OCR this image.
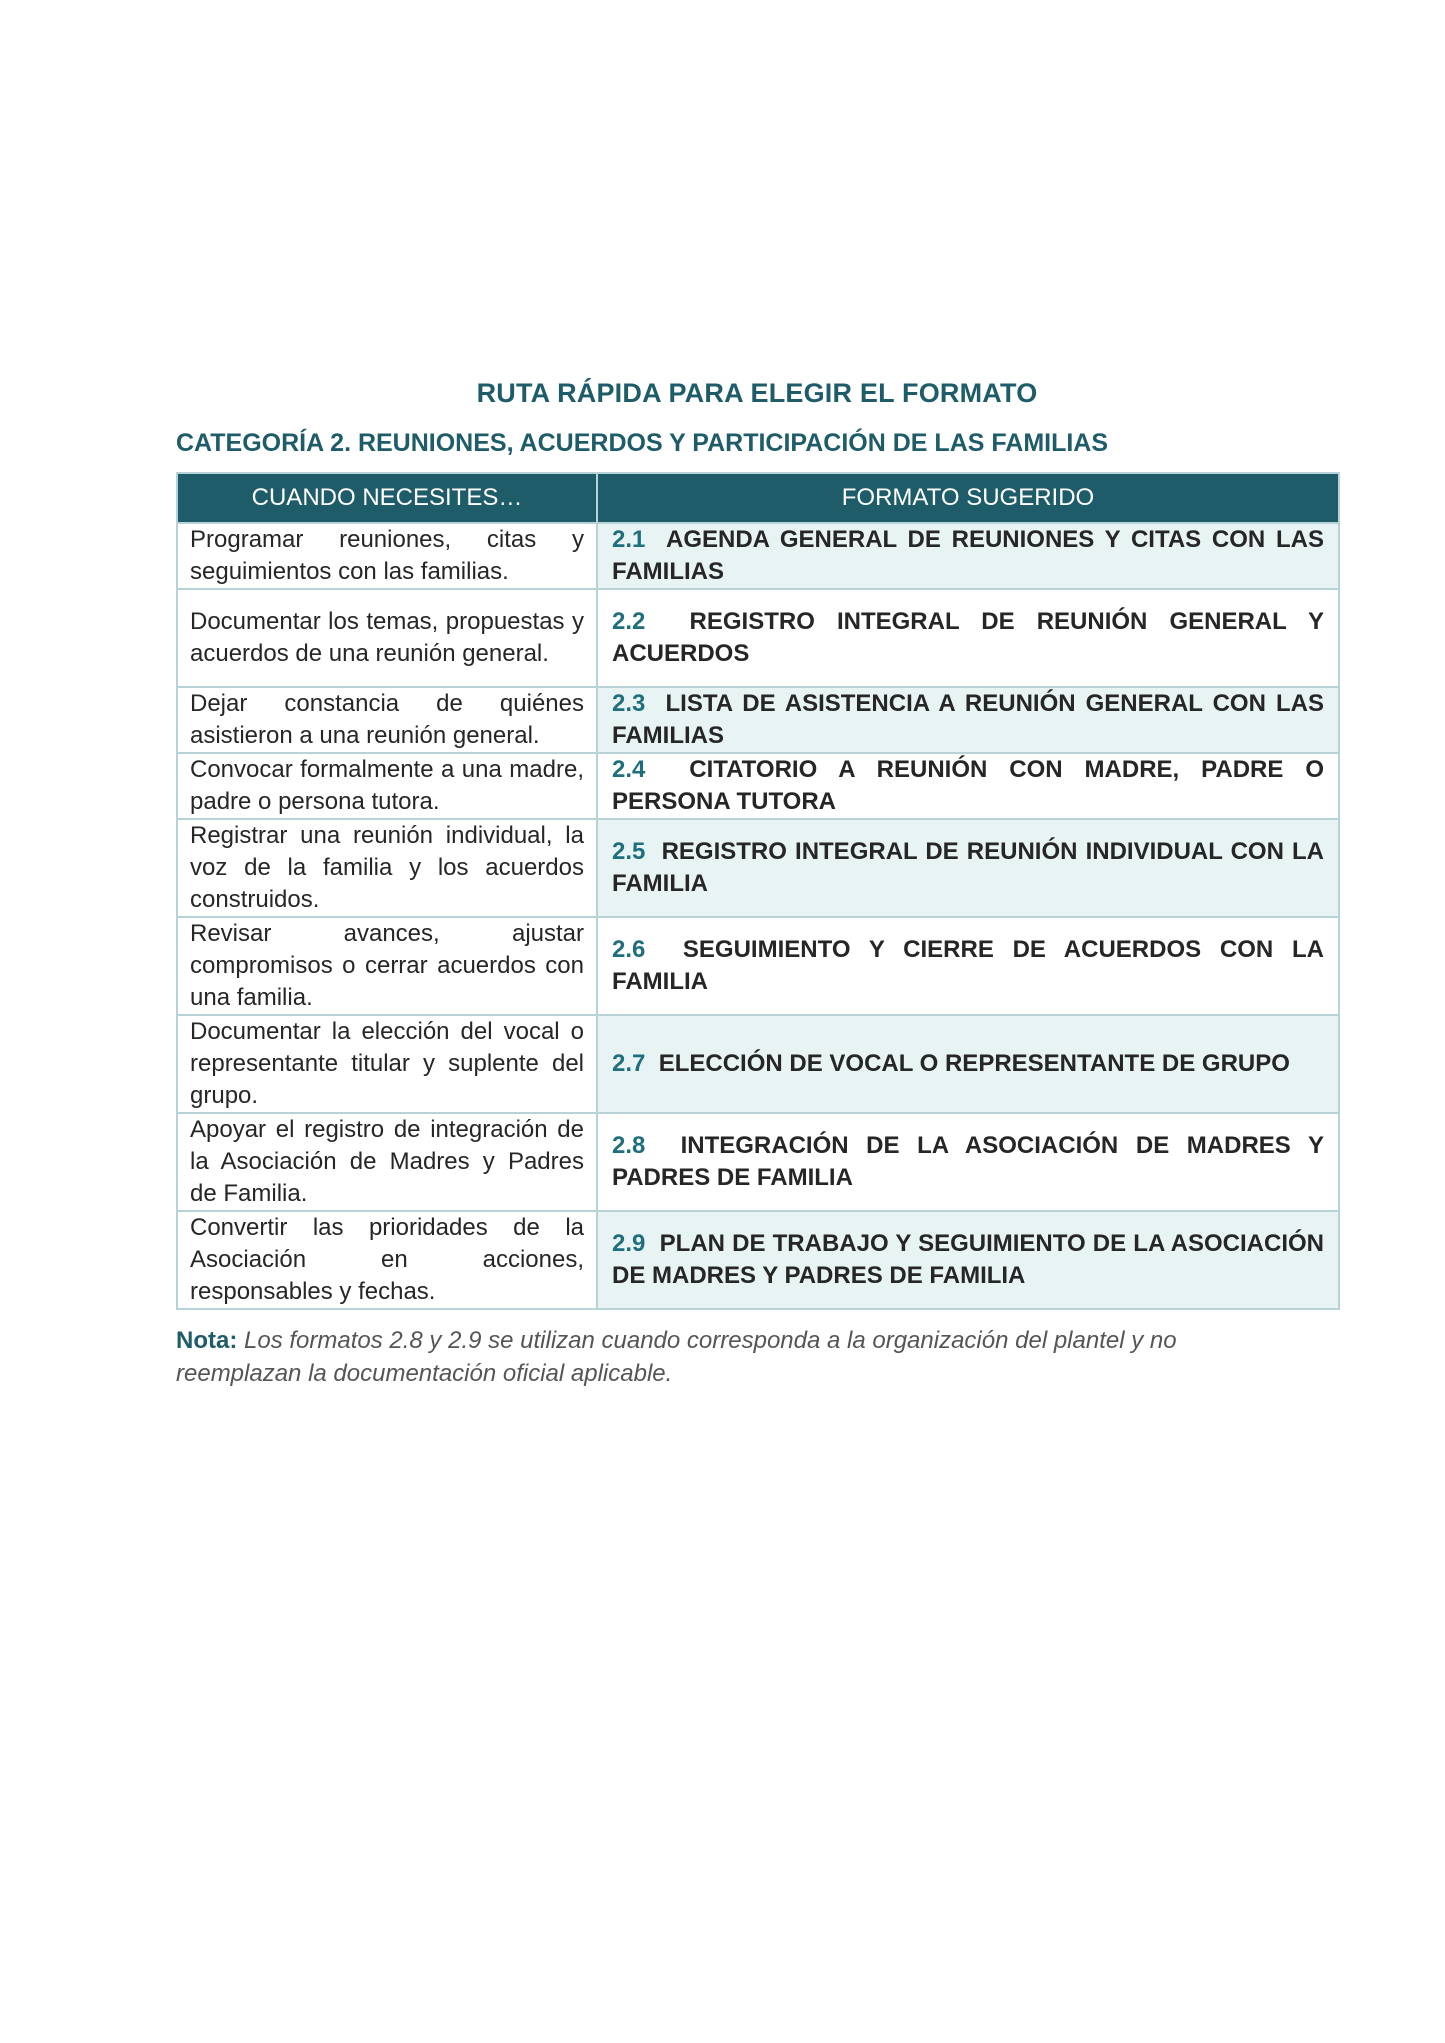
RUTA RÁPIDA PARA ELEGIR EL FORMATO
CATEGORÍA 2. REUNIONES, ACUERDOS Y PARTICIPACIÓN DE LAS FAMILIAS
CUANDO NECESITES…	FORMATO SUGERIDO
Programar reuniones, citas y seguimientos con las familias.	2.1 AGENDA GENERAL DE REUNIONES Y CITAS CON LAS FAMILIAS
Documentar los temas, propuestas y acuerdos de una reunión general.	2.2 REGISTRO INTEGRAL DE REUNIÓN GENERAL Y ACUERDOS
Dejar constancia de quiénes asistieron a una reunión general.	2.3 LISTA DE ASISTENCIA A REUNIÓN GENERAL CON LAS FAMILIAS
Convocar formalmente a una madre, padre o persona tutora.	2.4 CITATORIO A REUNIÓN CON MADRE, PADRE O PERSONA TUTORA
Registrar una reunión individual, la voz de la familia y los acuerdos construidos.	2.5 REGISTRO INTEGRAL DE REUNIÓN INDIVIDUAL CON LA FAMILIA
Revisar avances, ajustar compromisos o cerrar acuerdos con una familia.	2.6 SEGUIMIENTO Y CIERRE DE ACUERDOS CON LA FAMILIA
Documentar la elección del vocal o representante titular y suplente del grupo.	2.7 ELECCIÓN DE VOCAL O REPRESENTANTE DE GRUPO
Apoyar el registro de integración de la Asociación de Madres y Padres de Familia.	2.8 INTEGRACIÓN DE LA ASOCIACIÓN DE MADRES Y PADRES DE FAMILIA
Convertir las prioridades de la Asociación en acciones, responsables y fechas.	2.9 PLAN DE TRABAJO Y SEGUIMIENTO DE LA ASOCIACIÓN DE MADRES Y PADRES DE FAMILIA

Nota: Los formatos 2.8 y 2.9 se utilizan cuando corresponda a la organización del plantel y no reemplazan la documentación oficial aplicable.
